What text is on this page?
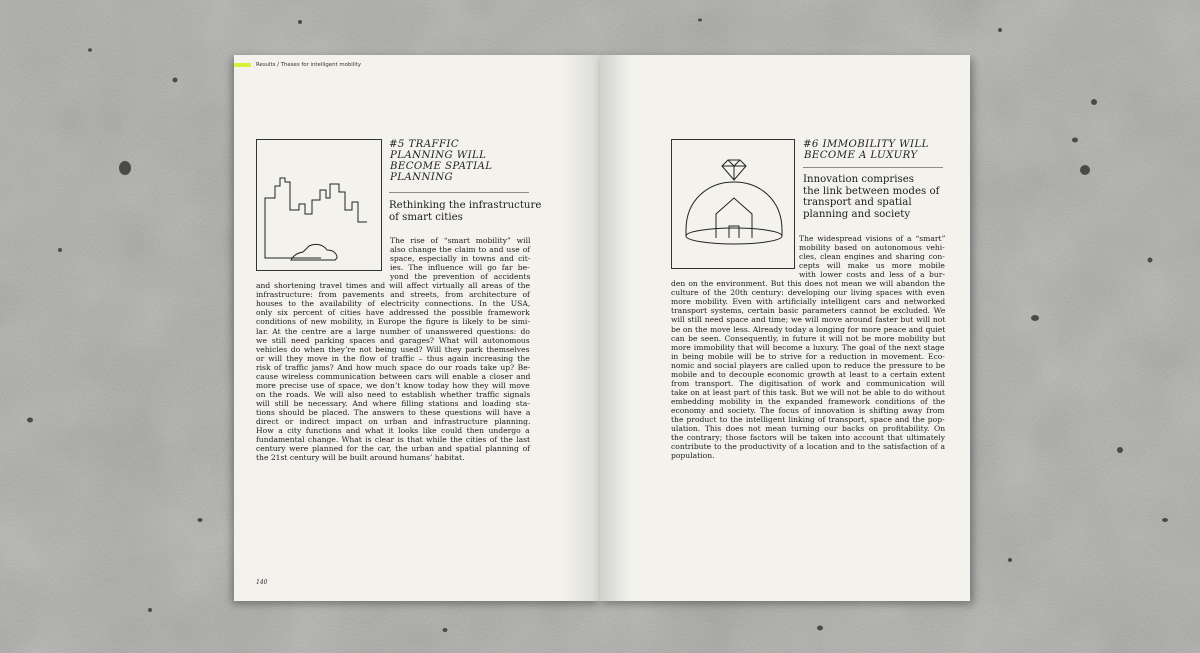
Results / Theses for intelligent mobility
#5 TRAFFIC
PLANNING WILL
BECOME SPATIAL
PLANNING
Rethinking the infrastructure
of smart cities
The rise of “smart mobility” will
also change the claim to and use of
space, especially in towns and cit-
ies. The influence will go far be-
yond the prevention of accidents
and shortening travel times and will affect virtually all areas of the
infrastructure: from pavements and streets, from architecture of
houses to the availability of electricity connections. In the USA,
only six percent of cities have addressed the possible framework
conditions of new mobility, in Europe the figure is likely to be simi-
lar. At the centre are a large number of unanswered questions: do
we still need parking spaces and garages? What will autonomous
vehicles do when they’re not being used? Will they park themselves
or will they move in the flow of traffic – thus again increasing the
risk of traffic jams? And how much space do our roads take up? Be-
cause wireless communication between cars will enable a closer and
more precise use of space, we don’t know today how they will move
on the roads. We will also need to establish whether traffic signals
will still be necessary. And where filling stations and loading sta-
tions should be placed. The answers to these questions will have a
direct or indirect impact on urban and infrastructure planning.
How a city functions and what it looks like could then undergo a
fundamental change. What is clear is that while the cities of the last
century were planned for the car, the urban and spatial planning of
the 21st century will be built around humans’ habitat.
140
#6 IMMOBILITY WILL
BECOME A LUXURY
Innovation comprises
the link between modes of
transport and spatial
planning and society
The widespread visions of a “smart”
mobility based on autonomous vehi-
cles, clean engines and sharing con-
cepts will make us more mobile
with lower costs and less of a bur-
den on the environment. But this does not mean we will abandon the
culture of the 20th century: developing our living spaces with even
more mobility. Even with artificially intelligent cars and networked
transport systems, certain basic parameters cannot be excluded. We
will still need space and time; we will move around faster but will not
be on the move less. Already today a longing for more peace and quiet
can be seen. Consequently, in future it will not be more mobility but
more immobility that will become a luxury. The goal of the next stage
in being mobile will be to strive for a reduction in movement. Eco-
nomic and social players are called upon to reduce the pressure to be
mobile and to decouple economic growth at least to a certain extent
from transport. The digitisation of work and communication will
take on at least part of this task. But we will not be able to do without
embedding mobility in the expanded framework conditions of the
economy and society. The focus of innovation is shifting away from
the product to the intelligent linking of transport, space and the pop-
ulation. This does not mean turning our backs on profitability. On
the contrary; those factors will be taken into account that ultimately
contribute to the productivity of a location and to the satisfaction of a
population.
